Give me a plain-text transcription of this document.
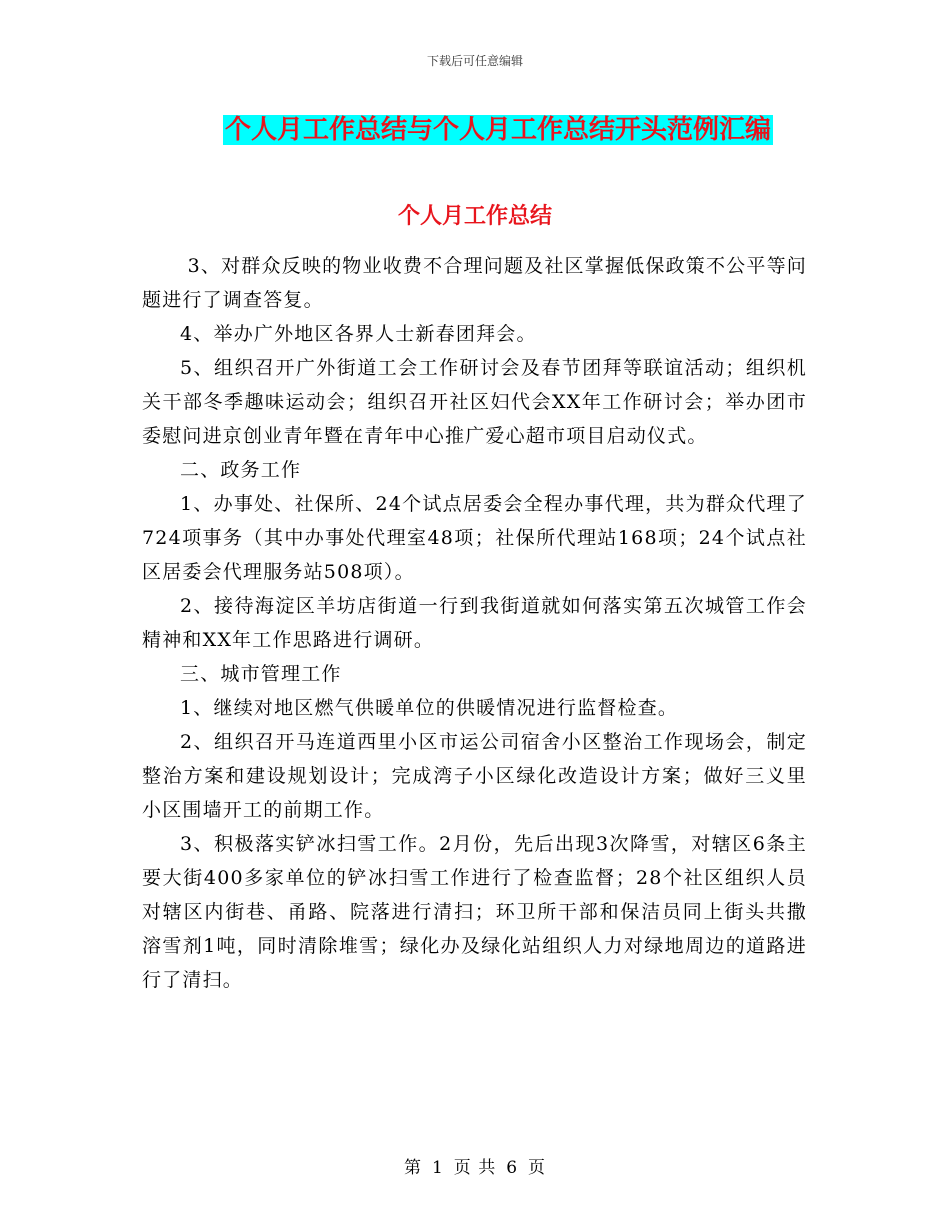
下载后可任意编辑
个人月工作总结与个人月工作总结开头范例汇编
个人月工作总结

3、对群众反映的物业收费不合理问题及社区掌握低保政策不公平等问题进行了调查答复。

4、举办广外地区各界人士新春团拜会。

5、组织召开广外街道工会工作研讨会及春节团拜等联谊活动；组织机关干部冬季趣味运动会；组织召开社区妇代会XX年工作研讨会；举办团市委慰问进京创业青年暨在青年中心推广爱心超市项目启动仪式。

二、政务工作

1、办事处、社保所、24个试点居委会全程办事代理，共为群众代理了724项事务（其中办事处代理室48项；社保所代理站168项；24个试点社区居委会代理服务站508项）。

2、接待海淀区羊坊店街道一行到我街道就如何落实第五次城管工作会精神和XX年工作思路进行调研。

三、城市管理工作

1、继续对地区燃气供暖单位的供暖情况进行监督检查。

2、组织召开马连道西里小区市运公司宿舍小区整治工作现场会，制定整治方案和建设规划设计；完成湾子小区绿化改造设计方案；做好三义里小区围墙开工的前期工作。

3、积极落实铲冰扫雪工作。2月份，先后出现3次降雪，对辖区6条主要大街400多家单位的铲冰扫雪工作进行了检查监督；28个社区组织人员对辖区内街巷、甬路、院落进行清扫；环卫所干部和保洁员同上街头共撒溶雪剂1吨，同时清除堆雪；绿化办及绿化站组织人力对绿地周边的道路进行了清扫。

第 1 页 共 6 页
